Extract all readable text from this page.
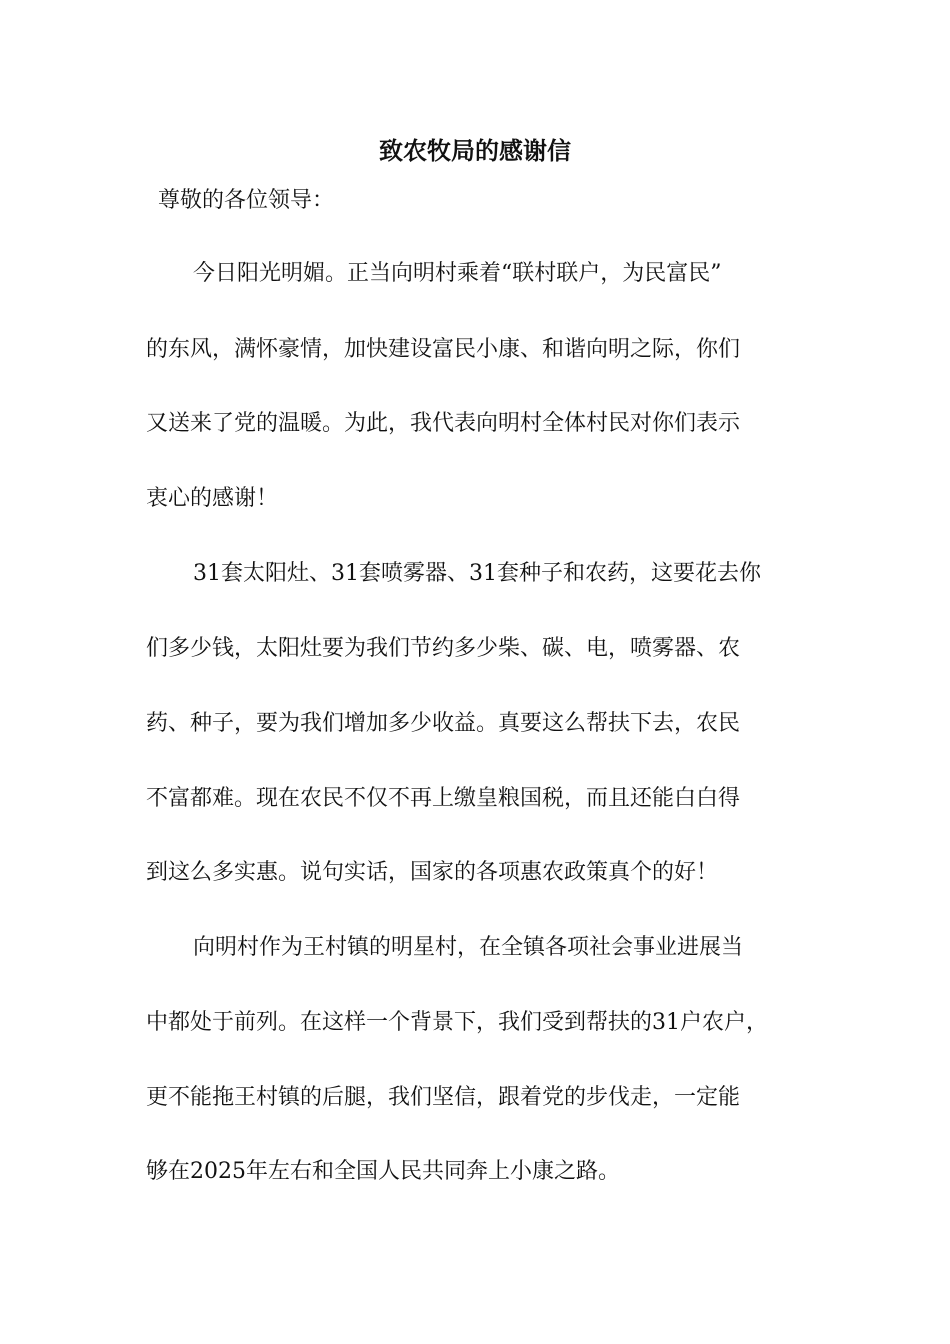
致农牧局的感谢信
尊敬的各位领导：
今日阳光明媚。正当向明村乘着“联村联户，为民富民”
的东风，满怀豪情，加快建设富民小康、和谐向明之际，你们
又送来了党的温暖。为此，我代表向明村全体村民对你们表示
衷心的感谢！
31套太阳灶、31套喷雾器、31套种子和农药，这要花去你
们多少钱，太阳灶要为我们节约多少柴、碳、电，喷雾器、农
药、种子，要为我们增加多少收益。真要这么帮扶下去，农民
不富都难。现在农民不仅不再上缴皇粮国税，而且还能白白得
到这么多实惠。说句实话，国家的各项惠农政策真个的好！
向明村作为王村镇的明星村，在全镇各项社会事业进展当
中都处于前列。在这样一个背景下，我们受到帮扶的31户农户，
更不能拖王村镇的后腿，我们坚信，跟着党的步伐走，一定能
够在2025年左右和全国人民共同奔上小康之路。
